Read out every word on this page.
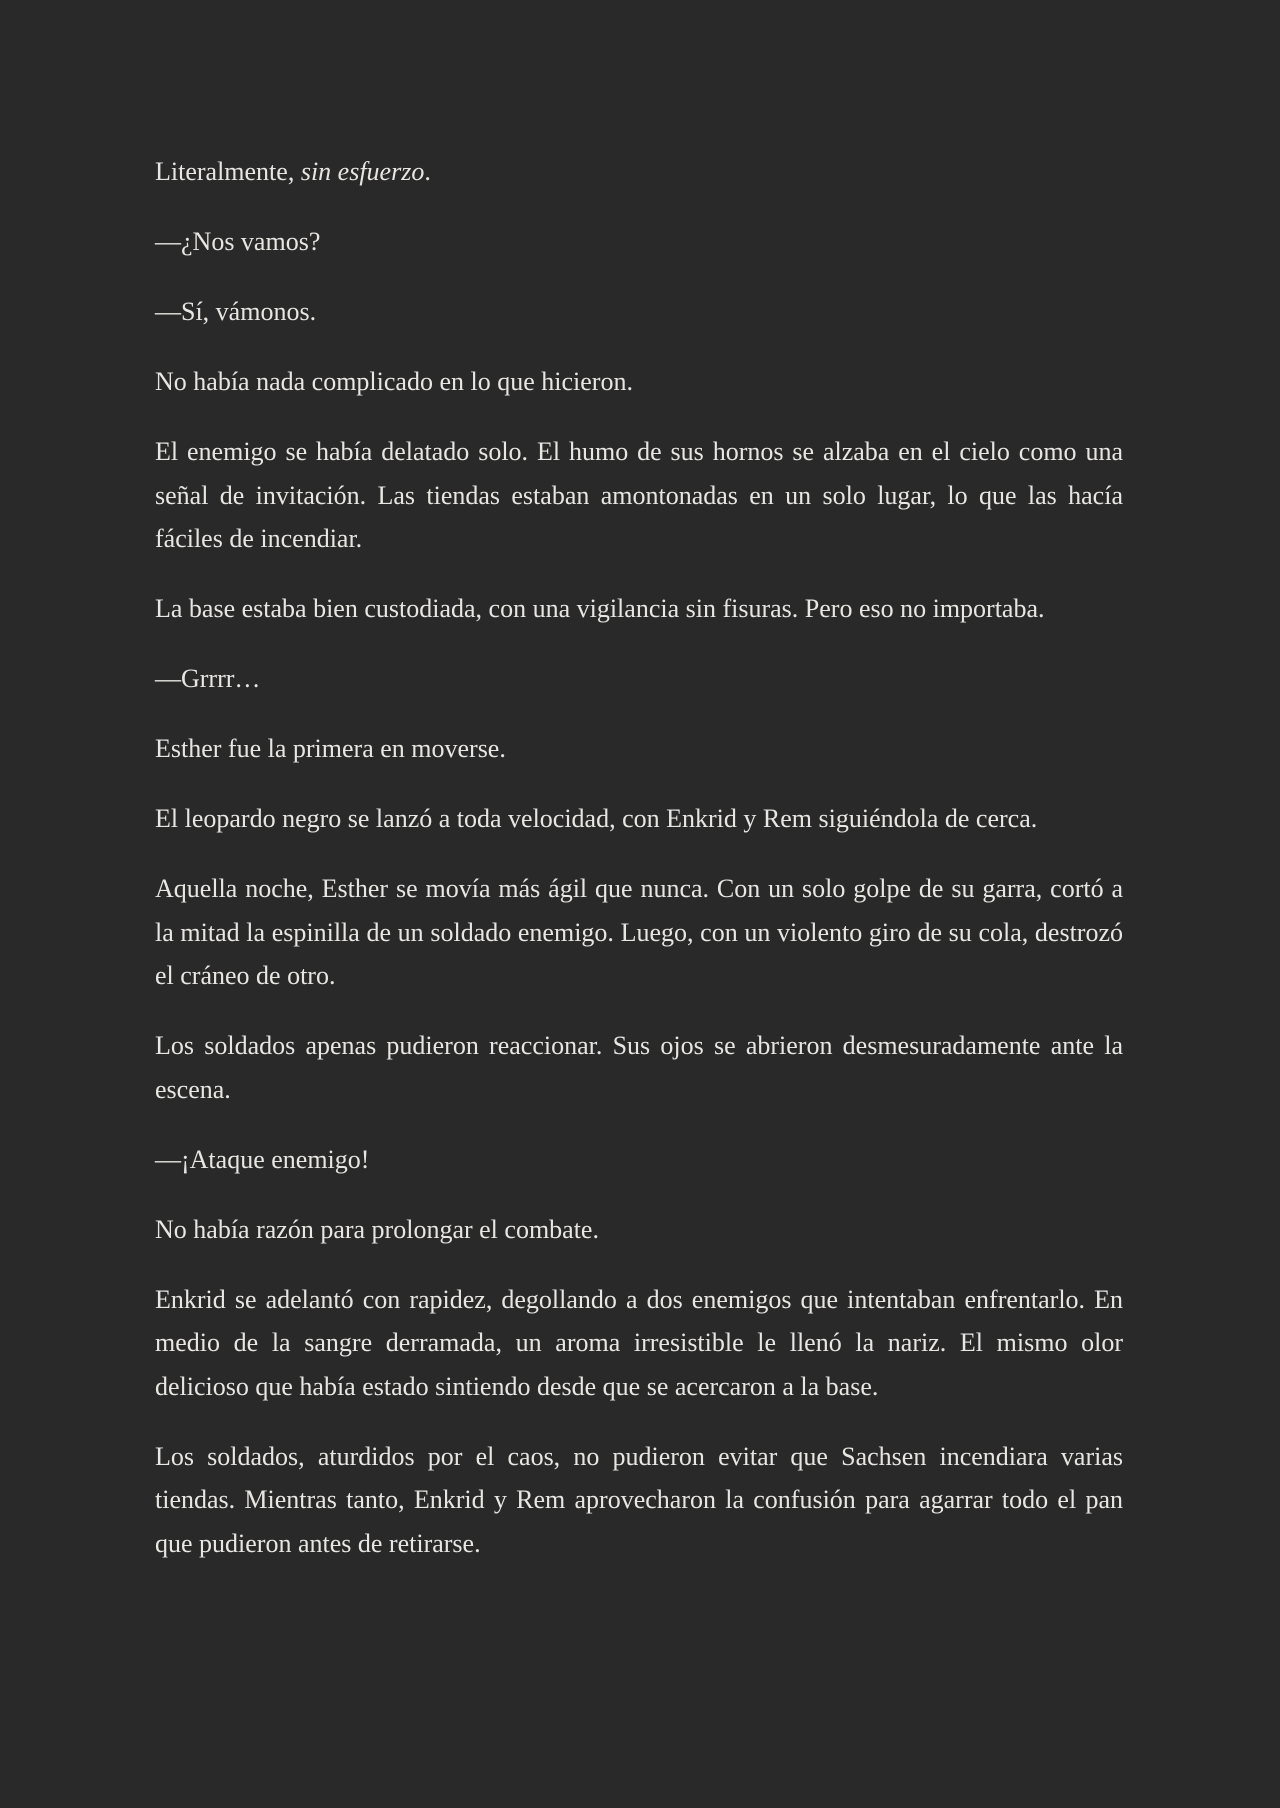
Literalmente, sin esfuerzo.

—¿Nos vamos?

—Sí, vámonos.

No había nada complicado en lo que hicieron.

El enemigo se había delatado solo. El humo de sus hornos se alzaba en el cielo como una señal de invitación. Las tiendas estaban amontonadas en un solo lugar, lo que las hacía fáciles de incendiar.

La base estaba bien custodiada, con una vigilancia sin fisuras. Pero eso no importaba.

—Grrrr…

Esther fue la primera en moverse.

El leopardo negro se lanzó a toda velocidad, con Enkrid y Rem siguiéndola de cerca.

Aquella noche, Esther se movía más ágil que nunca. Con un solo golpe de su garra, cortó a la mitad la espinilla de un soldado enemigo. Luego, con un violento giro de su cola, destrozó el cráneo de otro.

Los soldados apenas pudieron reaccionar. Sus ojos se abrieron desmesuradamente ante la escena.

—¡Ataque enemigo!

No había razón para prolongar el combate.

Enkrid se adelantó con rapidez, degollando a dos enemigos que intentaban enfrentarlo. En medio de la sangre derramada, un aroma irresistible le llenó la nariz. El mismo olor delicioso que había estado sintiendo desde que se acercaron a la base.

Los soldados, aturdidos por el caos, no pudieron evitar que Sachsen incendiara varias tiendas. Mientras tanto, Enkrid y Rem aprovecharon la confusión para agarrar todo el pan que pudieron antes de retirarse.
